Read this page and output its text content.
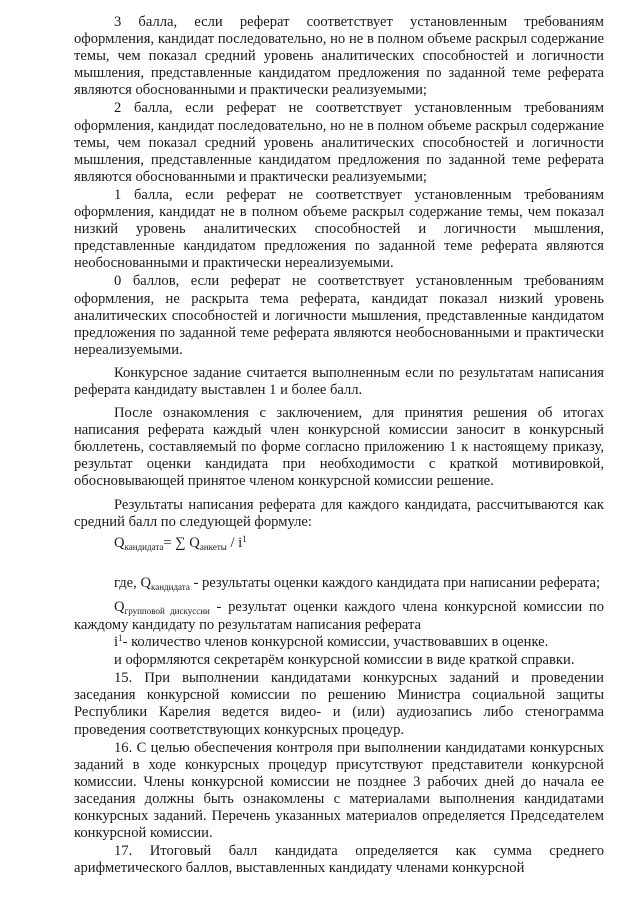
3 балла, если реферат соответствует установленным требованиям оформления, кандидат последовательно, но не в полном объеме раскрыл содержание темы, чем показал средний уровень аналитических способностей и логичности мышления, представленные кандидатом предложения по заданной теме реферата являются обоснованными и практически реализуемыми;

2 балла, если реферат не соответствует установленным требованиям оформления, кандидат последовательно, но не в полном объеме раскрыл содержание темы, чем показал средний уровень аналитических способностей и логичности мышления, представленные кандидатом предложения по заданной теме реферата являются обоснованными и практически реализуемыми;

1 балла, если реферат не соответствует установленным требованиям оформления, кандидат не в полном объеме раскрыл содержание темы, чем показал низкий уровень аналитических способностей и логичности мышления, представленные кандидатом предложения по заданной теме реферата являются необоснованными и практически нереализуемыми.

0 баллов, если реферат не соответствует установленным требованиям оформления, не раскрыта тема реферата, кандидат показал низкий уровень аналитических способностей и логичности мышления, представленные кандидатом предложения по заданной теме реферата являются необоснованными и практически нереализуемыми.

Конкурсное задание считается выполненным если по результатам написания реферата кандидату выставлен 1 и более балл.

После ознакомления с заключением, для принятия решения об итогах написания реферата каждый член конкурсной комиссии заносит в конкурсный бюллетень, составляемый по форме согласно приложению 1 к настоящему приказу, результат оценки кандидата при необходимости с краткой мотивировкой, обосновывающей принятое членом конкурсной комиссии решение.

Результаты написания реферата для каждого кандидата, рассчитываются как средний балл по следующей формуле:

$Q_{кандидата}=$ ∑ $Q_{анкеты} / i^1$

где, $Q_{кандидата}$ - результаты оценки каждого кандидата при написании реферата;

$Q_{групповой дискуссии}$ - результат оценки каждого члена конкурсной комиссии по каждому кандидату по результатам написания реферата

$i^1-$ количество членов конкурсной комиссии, участвовавших в оценке.

и оформляются секретарём конкурсной комиссии в виде краткой справки.

15. При выполнении кандидатами конкурсных заданий и проведении заседания конкурсной комиссии по решению Министра социальной защиты Республики Карелия ведется видео- и (или) аудиозапись либо стенограмма проведения соответствующих конкурсных процедур.

16. С целью обеспечения контроля при выполнении кандидатами конкурсных заданий в ходе конкурсных процедур присутствуют представители конкурсной комиссии. Члены конкурсной комиссии не позднее 3 рабочих дней до начала ее заседания должны быть ознакомлены с материалами выполнения кандидатами конкурсных заданий. Перечень указанных материалов определяется Председателем конкурсной комиссии.

17. Итоговый балл кандидата определяется как сумма среднего арифметического баллов, выставленных кандидату членами конкурсной
